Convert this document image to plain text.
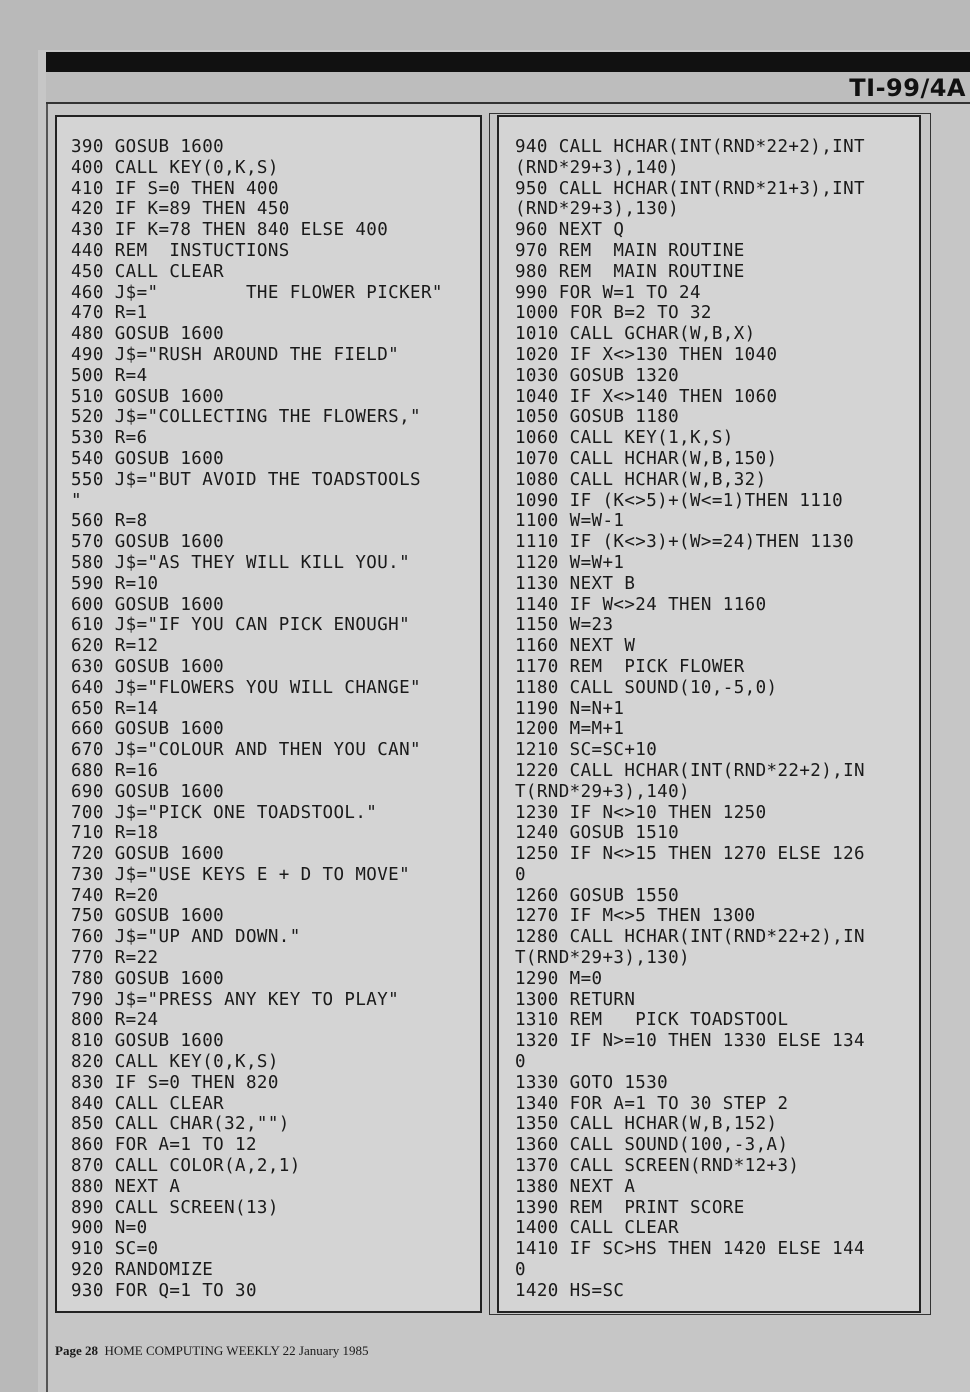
TI-99/4A
390 GOSUB 1600
400 CALL KEY(0,K,S)
410 IF S=0 THEN 400
420 IF K=89 THEN 450
430 IF K=78 THEN 840 ELSE 400
440 REM  INSTUCTIONS
450 CALL CLEAR
460 J$="        THE FLOWER PICKER"
470 R=1
480 GOSUB 1600
490 J$="RUSH AROUND THE FIELD"
500 R=4
510 GOSUB 1600
520 J$="COLLECTING THE FLOWERS,"
530 R=6
540 GOSUB 1600
550 J$="BUT AVOID THE TOADSTOOLS
"
560 R=8
570 GOSUB 1600
580 J$="AS THEY WILL KILL YOU."
590 R=10
600 GOSUB 1600
610 J$="IF YOU CAN PICK ENOUGH"
620 R=12
630 GOSUB 1600
640 J$="FLOWERS YOU WILL CHANGE"
650 R=14
660 GOSUB 1600
670 J$="COLOUR AND THEN YOU CAN"
680 R=16
690 GOSUB 1600
700 J$="PICK ONE TOADSTOOL."
710 R=18
720 GOSUB 1600
730 J$="USE KEYS E + D TO MOVE"
740 R=20
750 GOSUB 1600
760 J$="UP AND DOWN."
770 R=22
780 GOSUB 1600
790 J$="PRESS ANY KEY TO PLAY"
800 R=24
810 GOSUB 1600
820 CALL KEY(0,K,S)
830 IF S=0 THEN 820
840 CALL CLEAR
850 CALL CHAR(32,"")
860 FOR A=1 TO 12
870 CALL COLOR(A,2,1)
880 NEXT A
890 CALL SCREEN(13)
900 N=0
910 SC=0
920 RANDOMIZE
930 FOR Q=1 TO 30
940 CALL HCHAR(INT(RND*22+2),INT
(RND*29+3),140)
950 CALL HCHAR(INT(RND*21+3),INT
(RND*29+3),130)
960 NEXT Q
970 REM  MAIN ROUTINE
980 REM  MAIN ROUTINE
990 FOR W=1 TO 24
1000 FOR B=2 TO 32
1010 CALL GCHAR(W,B,X)
1020 IF X<>130 THEN 1040
1030 GOSUB 1320
1040 IF X<>140 THEN 1060
1050 GOSUB 1180
1060 CALL KEY(1,K,S)
1070 CALL HCHAR(W,B,150)
1080 CALL HCHAR(W,B,32)
1090 IF (K<>5)+(W<=1)THEN 1110
1100 W=W-1
1110 IF (K<>3)+(W>=24)THEN 1130
1120 W=W+1
1130 NEXT B
1140 IF W<>24 THEN 1160
1150 W=23
1160 NEXT W
1170 REM  PICK FLOWER
1180 CALL SOUND(10,-5,0)
1190 N=N+1
1200 M=M+1
1210 SC=SC+10
1220 CALL HCHAR(INT(RND*22+2),IN
T(RND*29+3),140)
1230 IF N<>10 THEN 1250
1240 GOSUB 1510
1250 IF N<>15 THEN 1270 ELSE 126
0
1260 GOSUB 1550
1270 IF M<>5 THEN 1300
1280 CALL HCHAR(INT(RND*22+2),IN
T(RND*29+3),130)
1290 M=0
1300 RETURN
1310 REM   PICK TOADSTOOL
1320 IF N>=10 THEN 1330 ELSE 134
0
1330 GOTO 1530
1340 FOR A=1 TO 30 STEP 2
1350 CALL HCHAR(W,B,152)
1360 CALL SOUND(100,-3,A)
1370 CALL SCREEN(RND*12+3)
1380 NEXT A
1390 REM  PRINT SCORE
1400 CALL CLEAR
1410 IF SC>HS THEN 1420 ELSE 144
0
1420 HS=SC
Page 28 HOME COMPUTING WEEKLY 22 January 1985
